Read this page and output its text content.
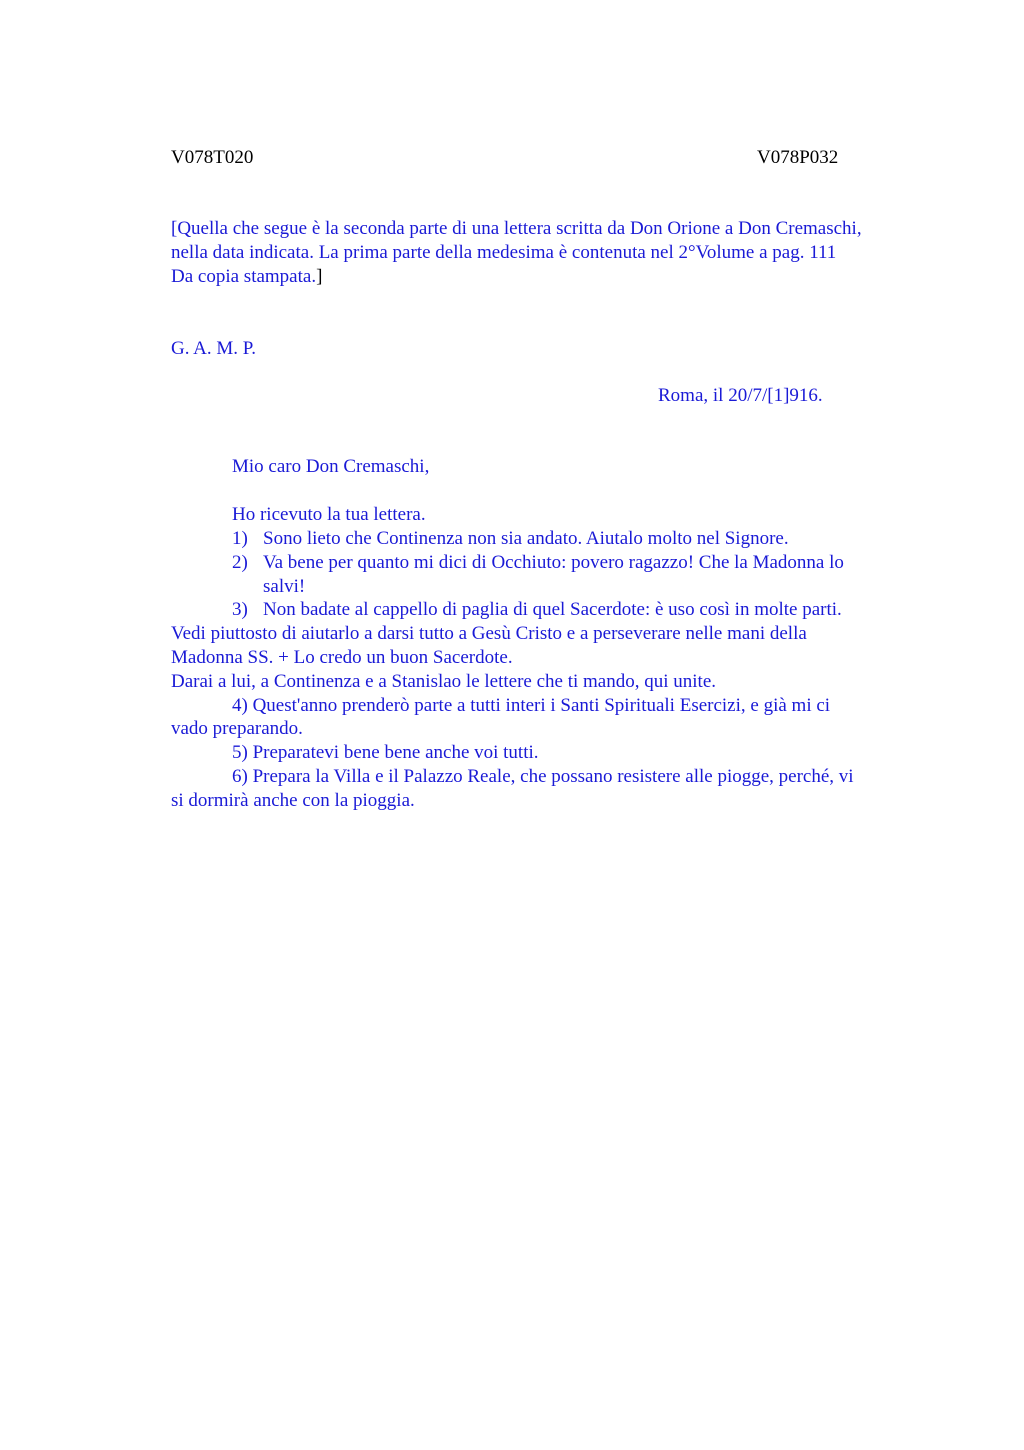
V078T020	V078P032
[Quella che segue è la seconda parte di una lettera scritta da Don Orione a Don Cremaschi,
nella data indicata. La prima parte della medesima è contenuta nel 2°Volume a pag. 111
Da copia stampata.]
G. A. M. P.
Roma, il 20/7/[1]916.
Mio caro Don Cremaschi,
Ho ricevuto la tua lettera.
1) Sono lieto che Continenza non sia andato. Aiutalo molto nel Signore.
2) Va bene per quanto mi dici di Occhiuto: povero ragazzo! Che la Madonna lo
salvi!
3) Non badate al cappello di paglia di quel Sacerdote: è uso così in molte parti.
Vedi piuttosto di aiutarlo a darsi tutto a Gesù Cristo e a perseverare nelle mani della
Madonna SS. + Lo credo un buon Sacerdote.
Darai a lui, a Continenza e a Stanislao le lettere che ti mando, qui unite.
4) Quest'anno prenderò parte a tutti interi i Santi Spirituali Esercizi, e già mi ci
vado preparando.
5) Preparatevi bene bene anche voi tutti.
6) Prepara la Villa e il Palazzo Reale, che possano resistere alle piogge, perché, vi
si dormirà anche con la pioggia.
